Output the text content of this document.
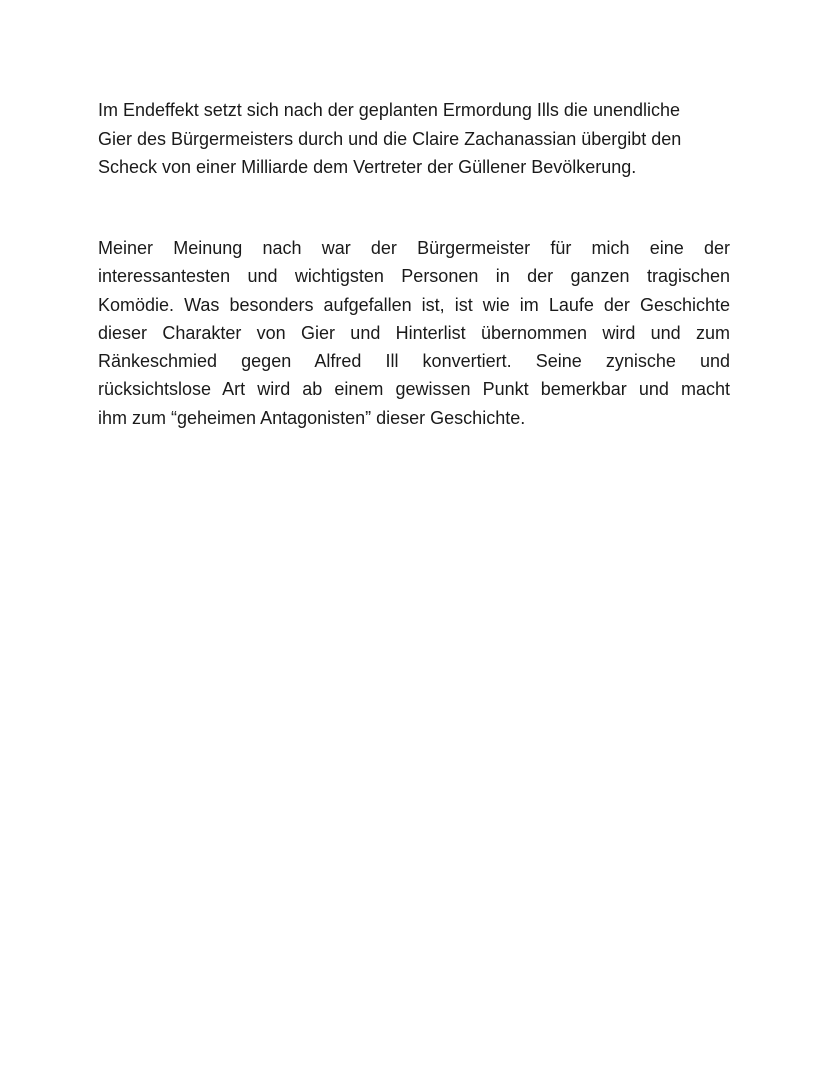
Im Endeffekt setzt sich nach der geplanten Ermordung Ills die unendliche
Gier des Bürgermeisters durch und die Claire Zachanassian übergibt den
Scheck von einer Milliarde dem Vertreter der Güllener Bevölkerung.

Meiner Meinung nach war der Bürgermeister für mich eine der
interessantesten und wichtigsten Personen in der ganzen tragischen
Komödie. Was besonders aufgefallen ist, ist wie im Laufe der Geschichte
dieser Charakter von Gier und Hinterlist übernommen wird und zum
Ränkeschmied gegen Alfred Ill konvertiert. Seine zynische und
rücksichtslose Art wird ab einem gewissen Punkt bemerkbar und macht
ihm zum “geheimen Antagonisten” dieser Geschichte.
